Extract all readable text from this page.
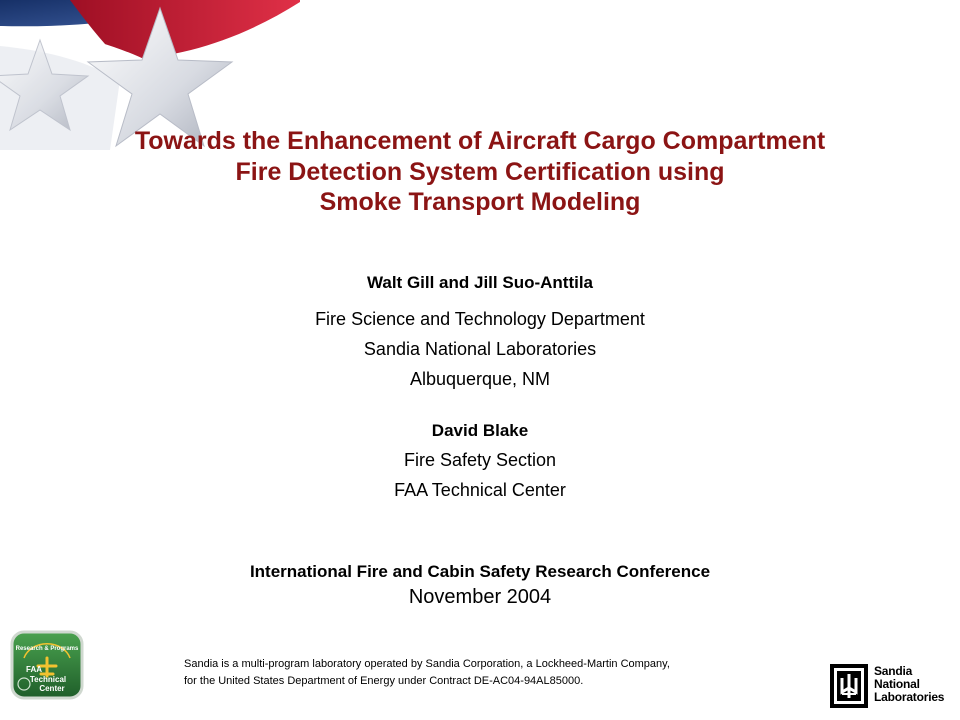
Towards the Enhancement of Aircraft Cargo Compartment
Fire Detection System Certification using
Smoke Transport Modeling
Walt Gill and Jill Suo-Anttila
Fire Science and Technology Department
Sandia National Laboratories
Albuquerque, NM
David Blake
Fire Safety Section
FAA Technical Center
International Fire and Cabin Safety Research Conference
November 2004
Research & Programs
FAA
Technical
Center
Sandia is a multi-program laboratory operated by Sandia Corporation, a Lockheed-Martin Company,
for the United States Department of Energy under Contract DE-AC04-94AL85000.
Sandia
National
Laboratories
